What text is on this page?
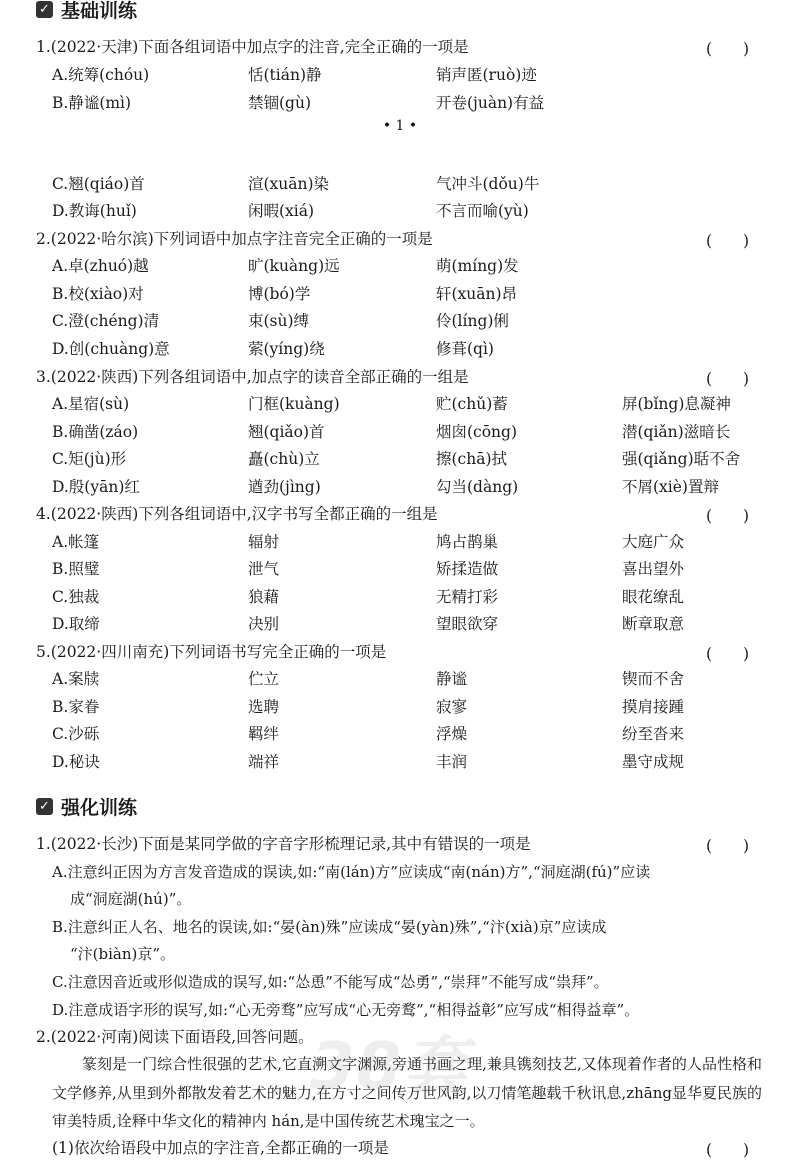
✓ 基础训练
1.(2022·天津)下面各组词语中加点字的注音,完全正确的一项是	(　　)
A.统筹(chóu)	恬(tián)静	销声匿(ruò)迹
B.静谧(mì)	禁锢(gù)	开卷(juàn)有益
• 1 •
C.翘(qiáo)首	渲(xuān)染	气冲斗(dǒu)牛
D.教诲(huǐ)	闲暇(xiá)	不言而喻(yù)
2.(2022·哈尔滨)下列词语中加点字注音完全正确的一项是	(　　)
A.卓(zhuó)越	旷(kuàng)远	萌(míng)发
B.校(xiào)对	博(bó)学	轩(xuān)昂
C.澄(chéng)清	束(sù)缚	伶(líng)俐
D.创(chuàng)意	萦(yíng)绕	修葺(qì)
3.(2022·陕西)下列各组词语中,加点字的读音全部正确的一组是	(　　)
A.星宿(sù)	门框(kuàng)	贮(chǔ)蓄	屏(bǐng)息凝神
B.确凿(záo)	翘(qiǎo)首	烟囱(cōng)	潜(qiǎn)滋暗长
C.矩(jù)形	矗(chù)立	擦(chā)拭	强(qiǎng)聒不舍
D.殷(yān)红	遒劲(jìng)	勾当(dàng)	不屑(xiè)置辩
4.(2022·陕西)下列各组词语中,汉字书写全都正确的一组是	(　　)
A.帐篷	辐射	鸠占鹊巢	大庭广众
B.照璧	泄气	矫揉造做	喜出望外
C.独裁	狼藉	无精打彩	眼花缭乱
D.取缔	决别	望眼欲穿	断章取意
5.(2022·四川南充)下列词语书写完全正确的一项是	(　　)
A.案牍	伫立	静谧	锲而不舍
B.家眷	选聘	寂寥	摸肩接踵
C.沙砾	羁绊	浮燥	纷至沓来
D.秘诀	端祥	丰润	墨守成规
✓ 强化训练
1.(2022·长沙)下面是某同学做的字音字形梳理记录,其中有错误的一项是	(　　)
A.注意纠正因为方言发音造成的误读,如:“南(lán)方”应读成“南(nán)方”,“洞庭湖(fú)”应读
成“洞庭湖(hú)”。
B.注意纠正人名、地名的误读,如:“晏(àn)殊”应读成“晏(yàn)殊”,“汴(xià)京”应读成
“汴(biàn)京”。
C.注意因音近或形似造成的误写,如:“怂恿”不能写成“怂勇”,“崇拜”不能写成“祟拜”。
D.注意成语字形的误写,如:“心无旁骛”应写成“心无旁鹜”,“相得益彰”应写成“相得益章”。
2.(2022·河南)阅读下面语段,回答问题。
篆刻是一门综合性很强的艺术,它直溯文字渊源,旁通书画之理,兼具镌刻技艺,又体现着作者的人品性格和文学修养,从里到外都散发着艺术的魅力,在方寸之间传万世风韵,以刀情笔趣载千秋讯息,zhāng显华夏民族的审美特质,诠释中华文化的精神内 hán,是中国传统艺术瑰宝之一。
(1)依次给语段中加点的字注音,全都正确的一项是	(　　)
38套
